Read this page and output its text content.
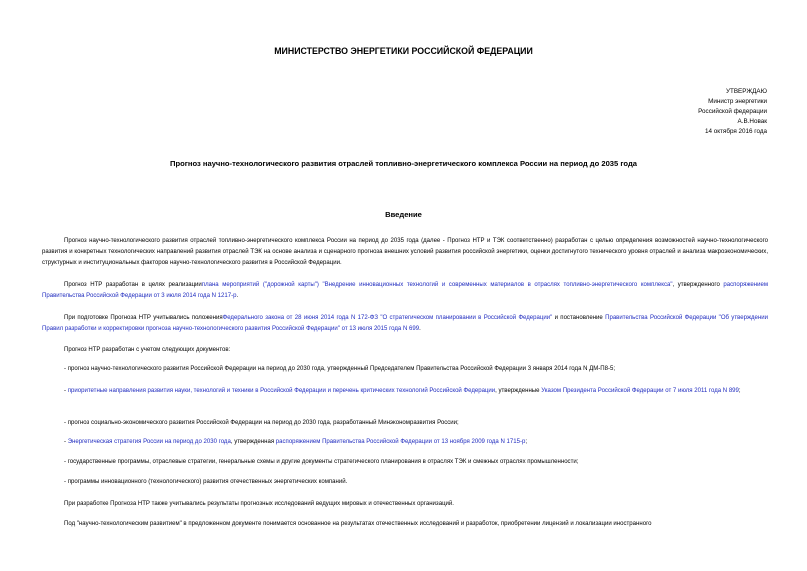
МИНИСТЕРСТВО ЭНЕРГЕТИКИ РОССИЙСКОЙ ФЕДЕРАЦИИ
УТВЕРЖДАЮ
Министр энергетики
Российской федерации
А.В.Новак
14 октября 2016 года
Прогноз научно-технологического развития отраслей топливно-энергетического комплекса России на период до 2035 года
Введение
Прогноз научно-технологического развития отраслей топливно-энергетического комплекса России на период до 2035 года (далее - Прогноз НТР и ТЭК соответственно) разработан с целью определения возможностей научно-технологического развития и конкретных технологических направлений развития отраслей ТЭК на основе анализа и сценарного прогноза внешних условий развития российской энергетики, оценки достигнутого технического уровня отраслей и анализа макроэкономических, структурных и институциональных факторов научно-технологического развития в Российской Федерации.
Прогноз НТР разработан в целях реализацииплана мероприятий ("дорожной карты") "Внедрение инновационных технологий и современных материалов в отраслях топливно-энергетического комплекса", утвержденного распоряжением Правительства Российской Федерации от 3 июля 2014 года N 1217-р.
При подготовке Прогноза НТР учитывались положенияФедерального закона от 28 июня 2014 года N 172-ФЗ "О стратегическом планировании в Российской Федерации" и постановление Правительства Российской Федерации "Об утверждении Правил разработки и корректировки прогноза научно-технологического развития Российской Федерации" от 13 июля 2015 года N 699.
Прогноз НТР разработан с учетом следующих документов:
- прогноз научно-технологического развития Российской Федерации на период до 2030 года, утвержденный Председателем Правительства Российской Федерации 3 января 2014 года N ДМ-П8-5;
- приоритетные направления развития науки, технологий и техники в Российской Федерации и перечень критических технологий Российской Федерации, утвержденные Указом Президента Российской Федерации от 7 июля 2011 года N 899;
- прогноз социально-экономического развития Российской Федерации на период до 2030 года, разработанный Минэкономразвития России;
- Энергетическая стратегия России на период до 2030 года, утвержденная распоряжением Правительства Российской Федерации от 13 ноября 2009 года N 1715-р;
- государственные программы, отраслевые стратегии, генеральные схемы и другие документы стратегического планирования в отраслях ТЭК и смежных отраслях промышленности;
- программы инновационного (технологического) развития отечественных энергетических компаний.
При разработке Прогноза НТР также учитывались результаты прогнозных исследований ведущих мировых и отечественных организаций.
Под "научно-технологическим развитием" в предложенном документе понимается основанное на результатах отечественных исследований и разработок, приобретении лицензий и локализации иностранного
